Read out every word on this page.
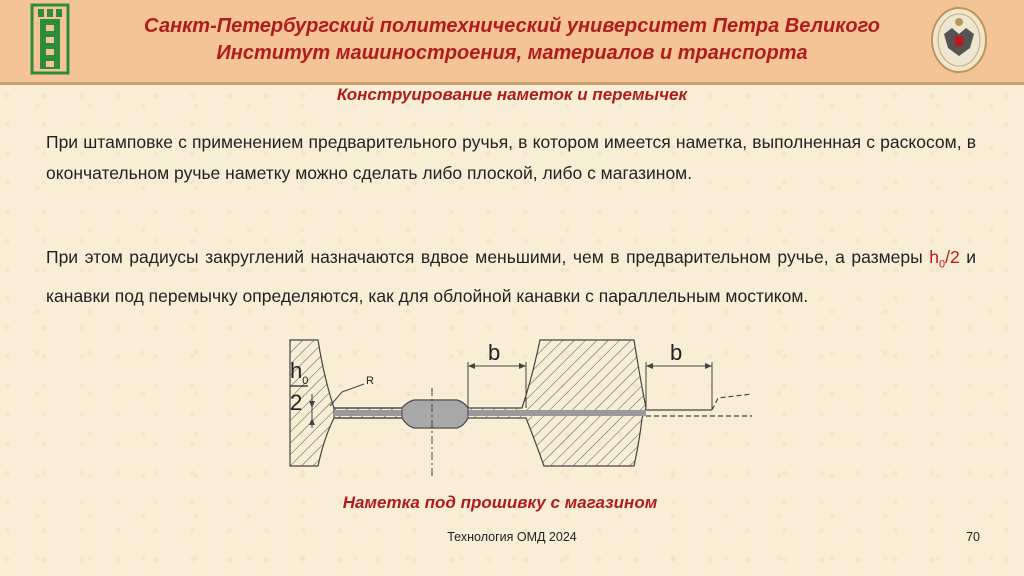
Санкт-Петербургский политехнический университет Петра Великого
Институт машиностроения, материалов и транспорта
Конструирование наметок и перемычек
При штамповке с применением предварительного ручья, в котором имеется наметка, выполненная с раскосом, в окончательном ручье наметку можно сделать либо плоской, либо с магазином.
При этом радиусы закруглений назначаются вдвое меньшими, чем в предварительном ручье, а размеры $h_0/2$ и канавки под перемычку определяются, как для облойной канавки с параллельным мостиком.
$h_0$
2
R
b	b
Наметка под прошивку с магазином
Технология ОМД 2024	70
